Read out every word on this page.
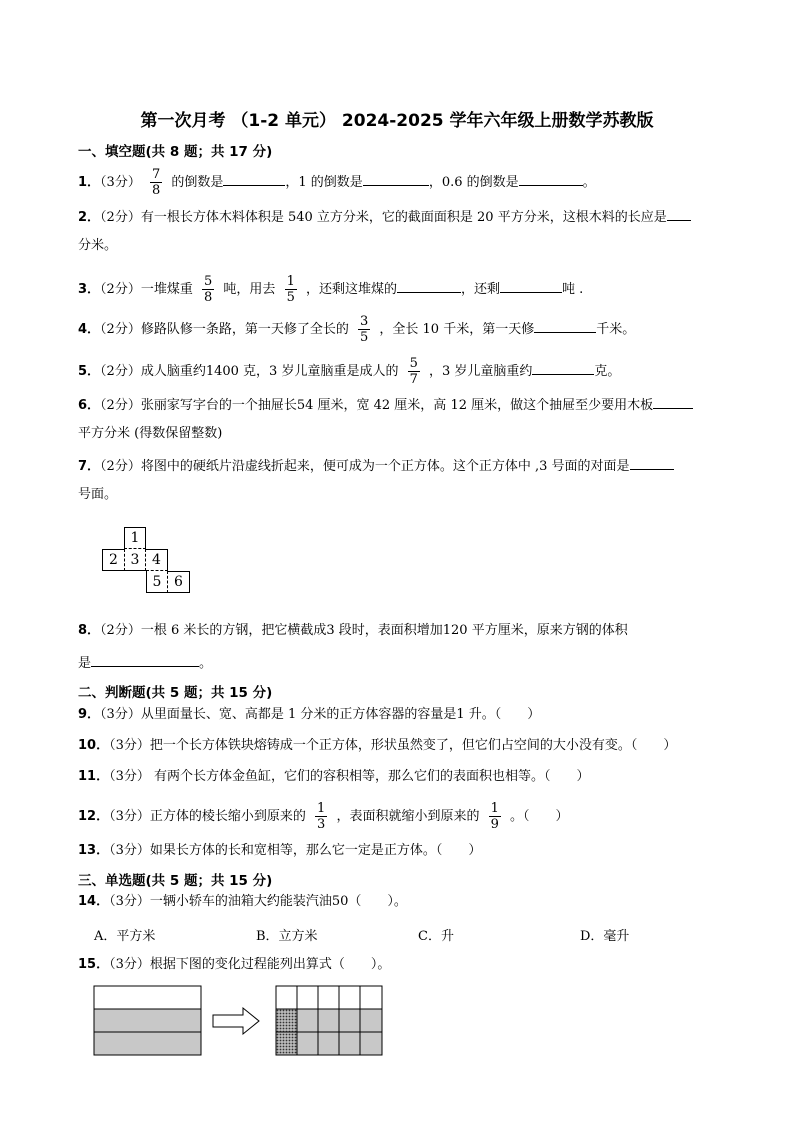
第一次月考 （1-2 单元） 2024-2025 学年六年级上册数学苏教版
一、填空题(共 8 题；共 17 分)
1．（3分） $\frac{7}{8}$ 的倒数是	，1 的倒数是	，0.6 的倒数是	。
2．（2分）有一根长方体木料体积是 540 立方分米，它的截面面积是 20 平方分米，这根木料的长应是
分米。
3．（2分）一堆煤重 $\frac{5}{8}$ 吨，用去 $\frac{1}{5}$ ，还剩这堆煤的	，还剩	吨 .
4．（2分）修路队修一条路，第一天修了全长的 $\frac{3}{5}$ ，全长 10 千米，第一天修	千米。
5．（2分）成人脑重约1400 克，3 岁儿童脑重是成人的 $\frac{5}{7}$ ，3 岁儿童脑重约	克。
6．（2分）张丽家写字台的一个抽屉长54 厘米，宽 42 厘米，高 12 厘米，做这个抽屉至少要用木板
平方分米 (得数保留整数)
7．（2分）将图中的硬纸片沿虚线折起来，便可成为一个正方体。这个正方体中 ,3 号面的对面是
号面。
1
2 3 4
5 6
8．（2分）一根 6 米长的方钢，把它横截成3 段时，表面积增加120 平方厘米，原来方钢的体积
是	。
二、判断题(共 5 题；共 15 分)
9．（3分）从里面量长、宽、高都是 1 分米的正方体容器的容量是1 升。（　　）
10．（3分）把一个长方体铁块熔铸成一个正方体，形状虽然变了，但它们占空间的大小没有变。（　　）
11．（3分） 有两个长方体金鱼缸，它们的容积相等，那么它们的表面积也相等。（　　）
12．（3分）正方体的棱长缩小到原来的 $\frac{1}{3}$ ，表面积就缩小到原来的 $\frac{1}{9}$ 。（　　）
13．（3分）如果长方体的长和宽相等，那么它一定是正方体。（　　）
三、单选题(共 5 题；共 15 分)
14．（3分）一辆小轿车的油箱大约能装汽油50（　　）。
A．平方米	B．立方米	C．升	D．毫升
15．（3分）根据下图的变化过程能列出算式（　　）。
